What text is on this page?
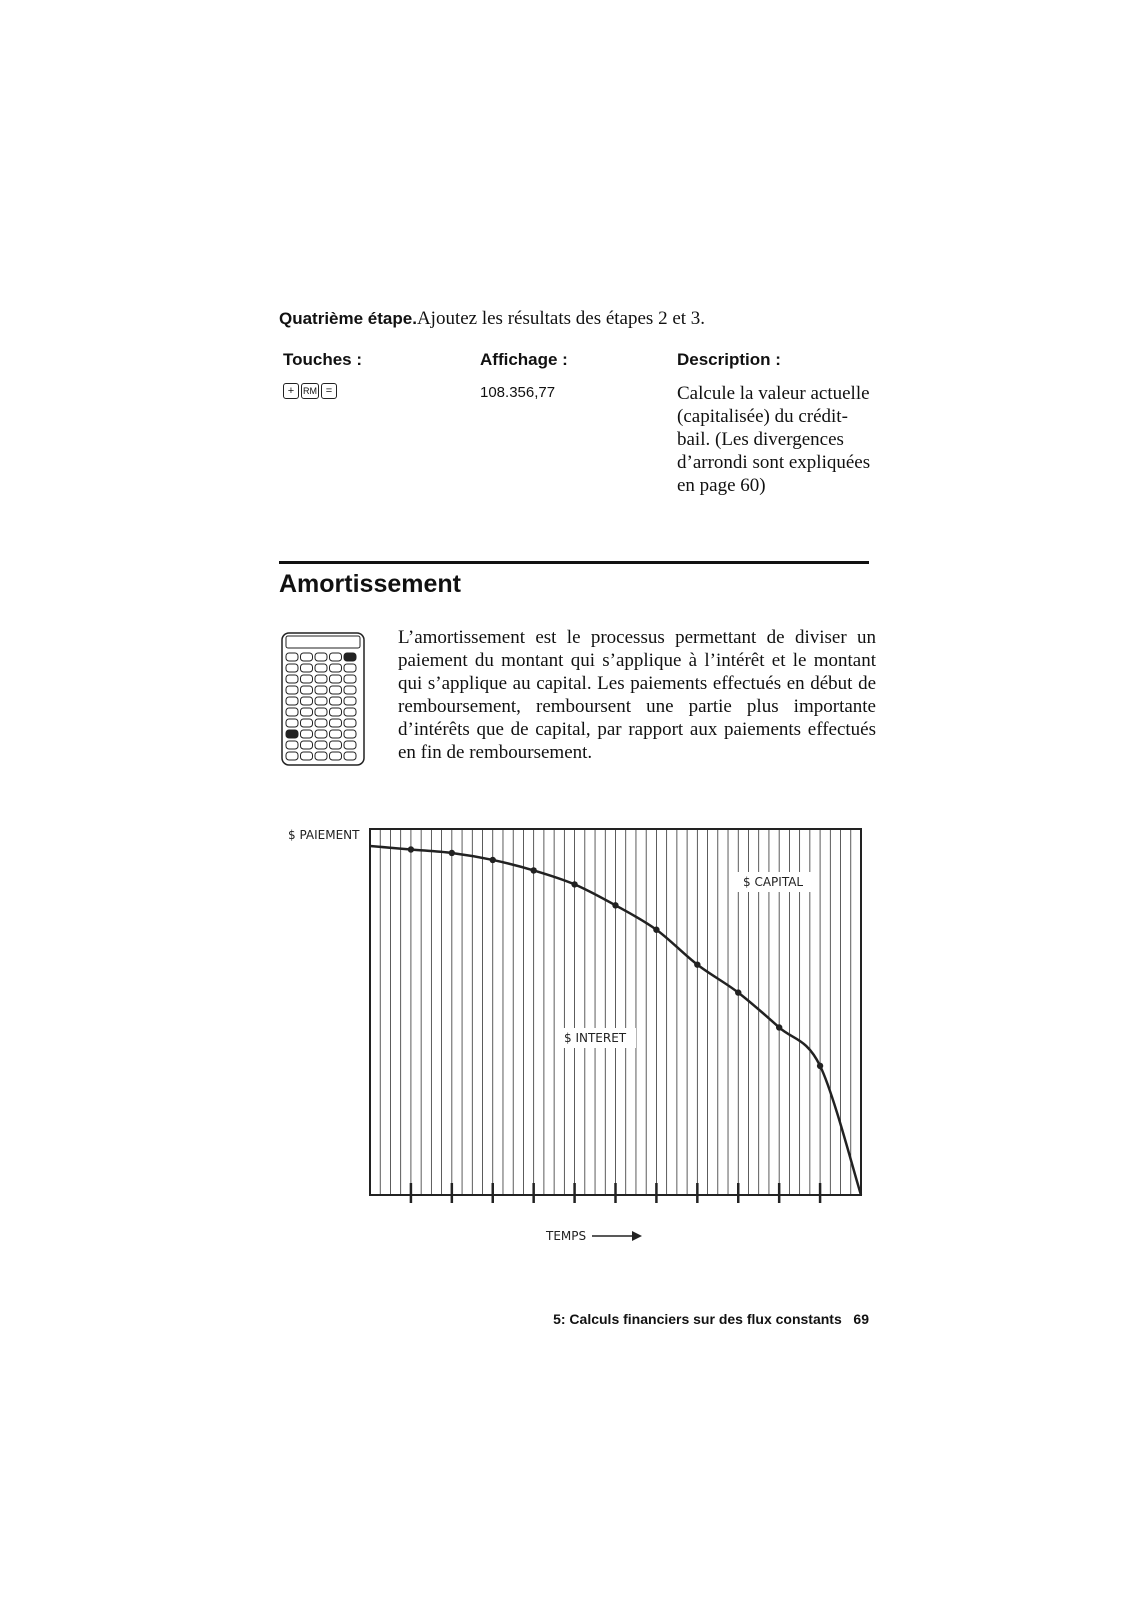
Quatrième étape.Ajoutez les résultats des étapes 2 et 3.
Touches :	Affichage :	Description :
+ RM =	108.356,77	Calcule la valeur actuelle (capitalisée) du crédit-bail. (Les divergences d’arrondi sont expliquées en page 60)
Amortissement
L’amortissement est le processus permettant de diviser un paiement du montant qui s’applique à l’intérêt et le montant qui s’applique au capital. Les paiements effectués en début de remboursement, remboursent une partie plus importante d’intérêts que de capital, par rapport aux paiements effectués en fin de remboursement.
$ CAPITAL
$ INTERET
$ PAIEMENT
TEMPS
5: Calculs financiers sur des flux constants 69
